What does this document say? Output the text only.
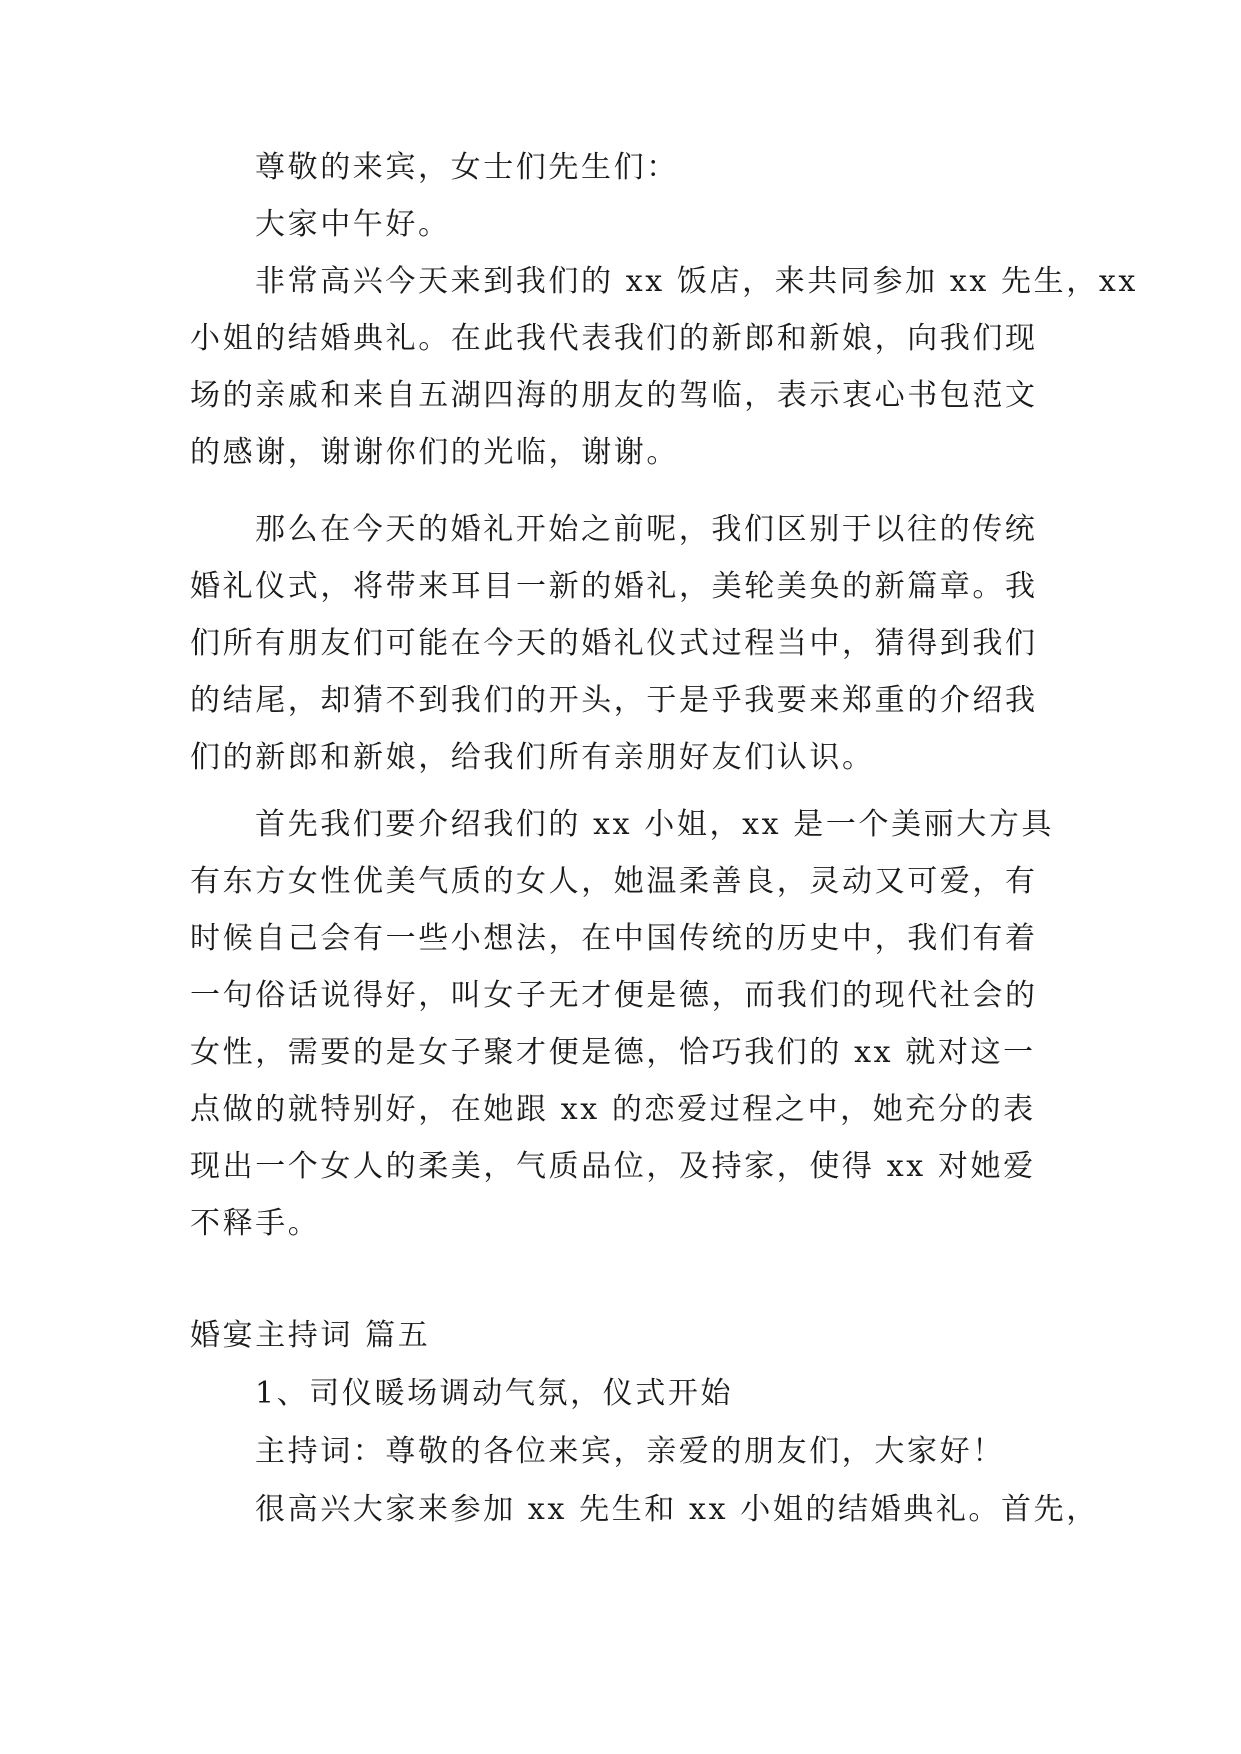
尊敬的来宾，女士们先生们：
大家中午好。
非常高兴今天来到我们的 xx 饭店，来共同参加 xx 先生，xx
小姐的结婚典礼。在此我代表我们的新郎和新娘，向我们现
场的亲戚和来自五湖四海的朋友的驾临，表示衷心书包范文
的感谢，谢谢你们的光临，谢谢。
那么在今天的婚礼开始之前呢，我们区别于以往的传统
婚礼仪式，将带来耳目一新的婚礼，美轮美奂的新篇章。我
们所有朋友们可能在今天的婚礼仪式过程当中，猜得到我们
的结尾，却猜不到我们的开头，于是乎我要来郑重的介绍我
们的新郎和新娘，给我们所有亲朋好友们认识。
首先我们要介绍我们的 xx 小姐，xx 是一个美丽大方具
有东方女性优美气质的女人，她温柔善良，灵动又可爱，有
时候自己会有一些小想法，在中国传统的历史中，我们有着
一句俗话说得好，叫女子无才便是德，而我们的现代社会的
女性，需要的是女子聚才便是德，恰巧我们的 xx 就对这一
点做的就特别好，在她跟 xx 的恋爱过程之中，她充分的表
现出一个女人的柔美，气质品位，及持家，使得 xx 对她爱
不释手。
婚宴主持词 篇五
1、司仪暖场调动气氛，仪式开始
主持词：尊敬的各位来宾，亲爱的朋友们，大家好！
很高兴大家来参加 xx 先生和 xx 小姐的结婚典礼。首先，
